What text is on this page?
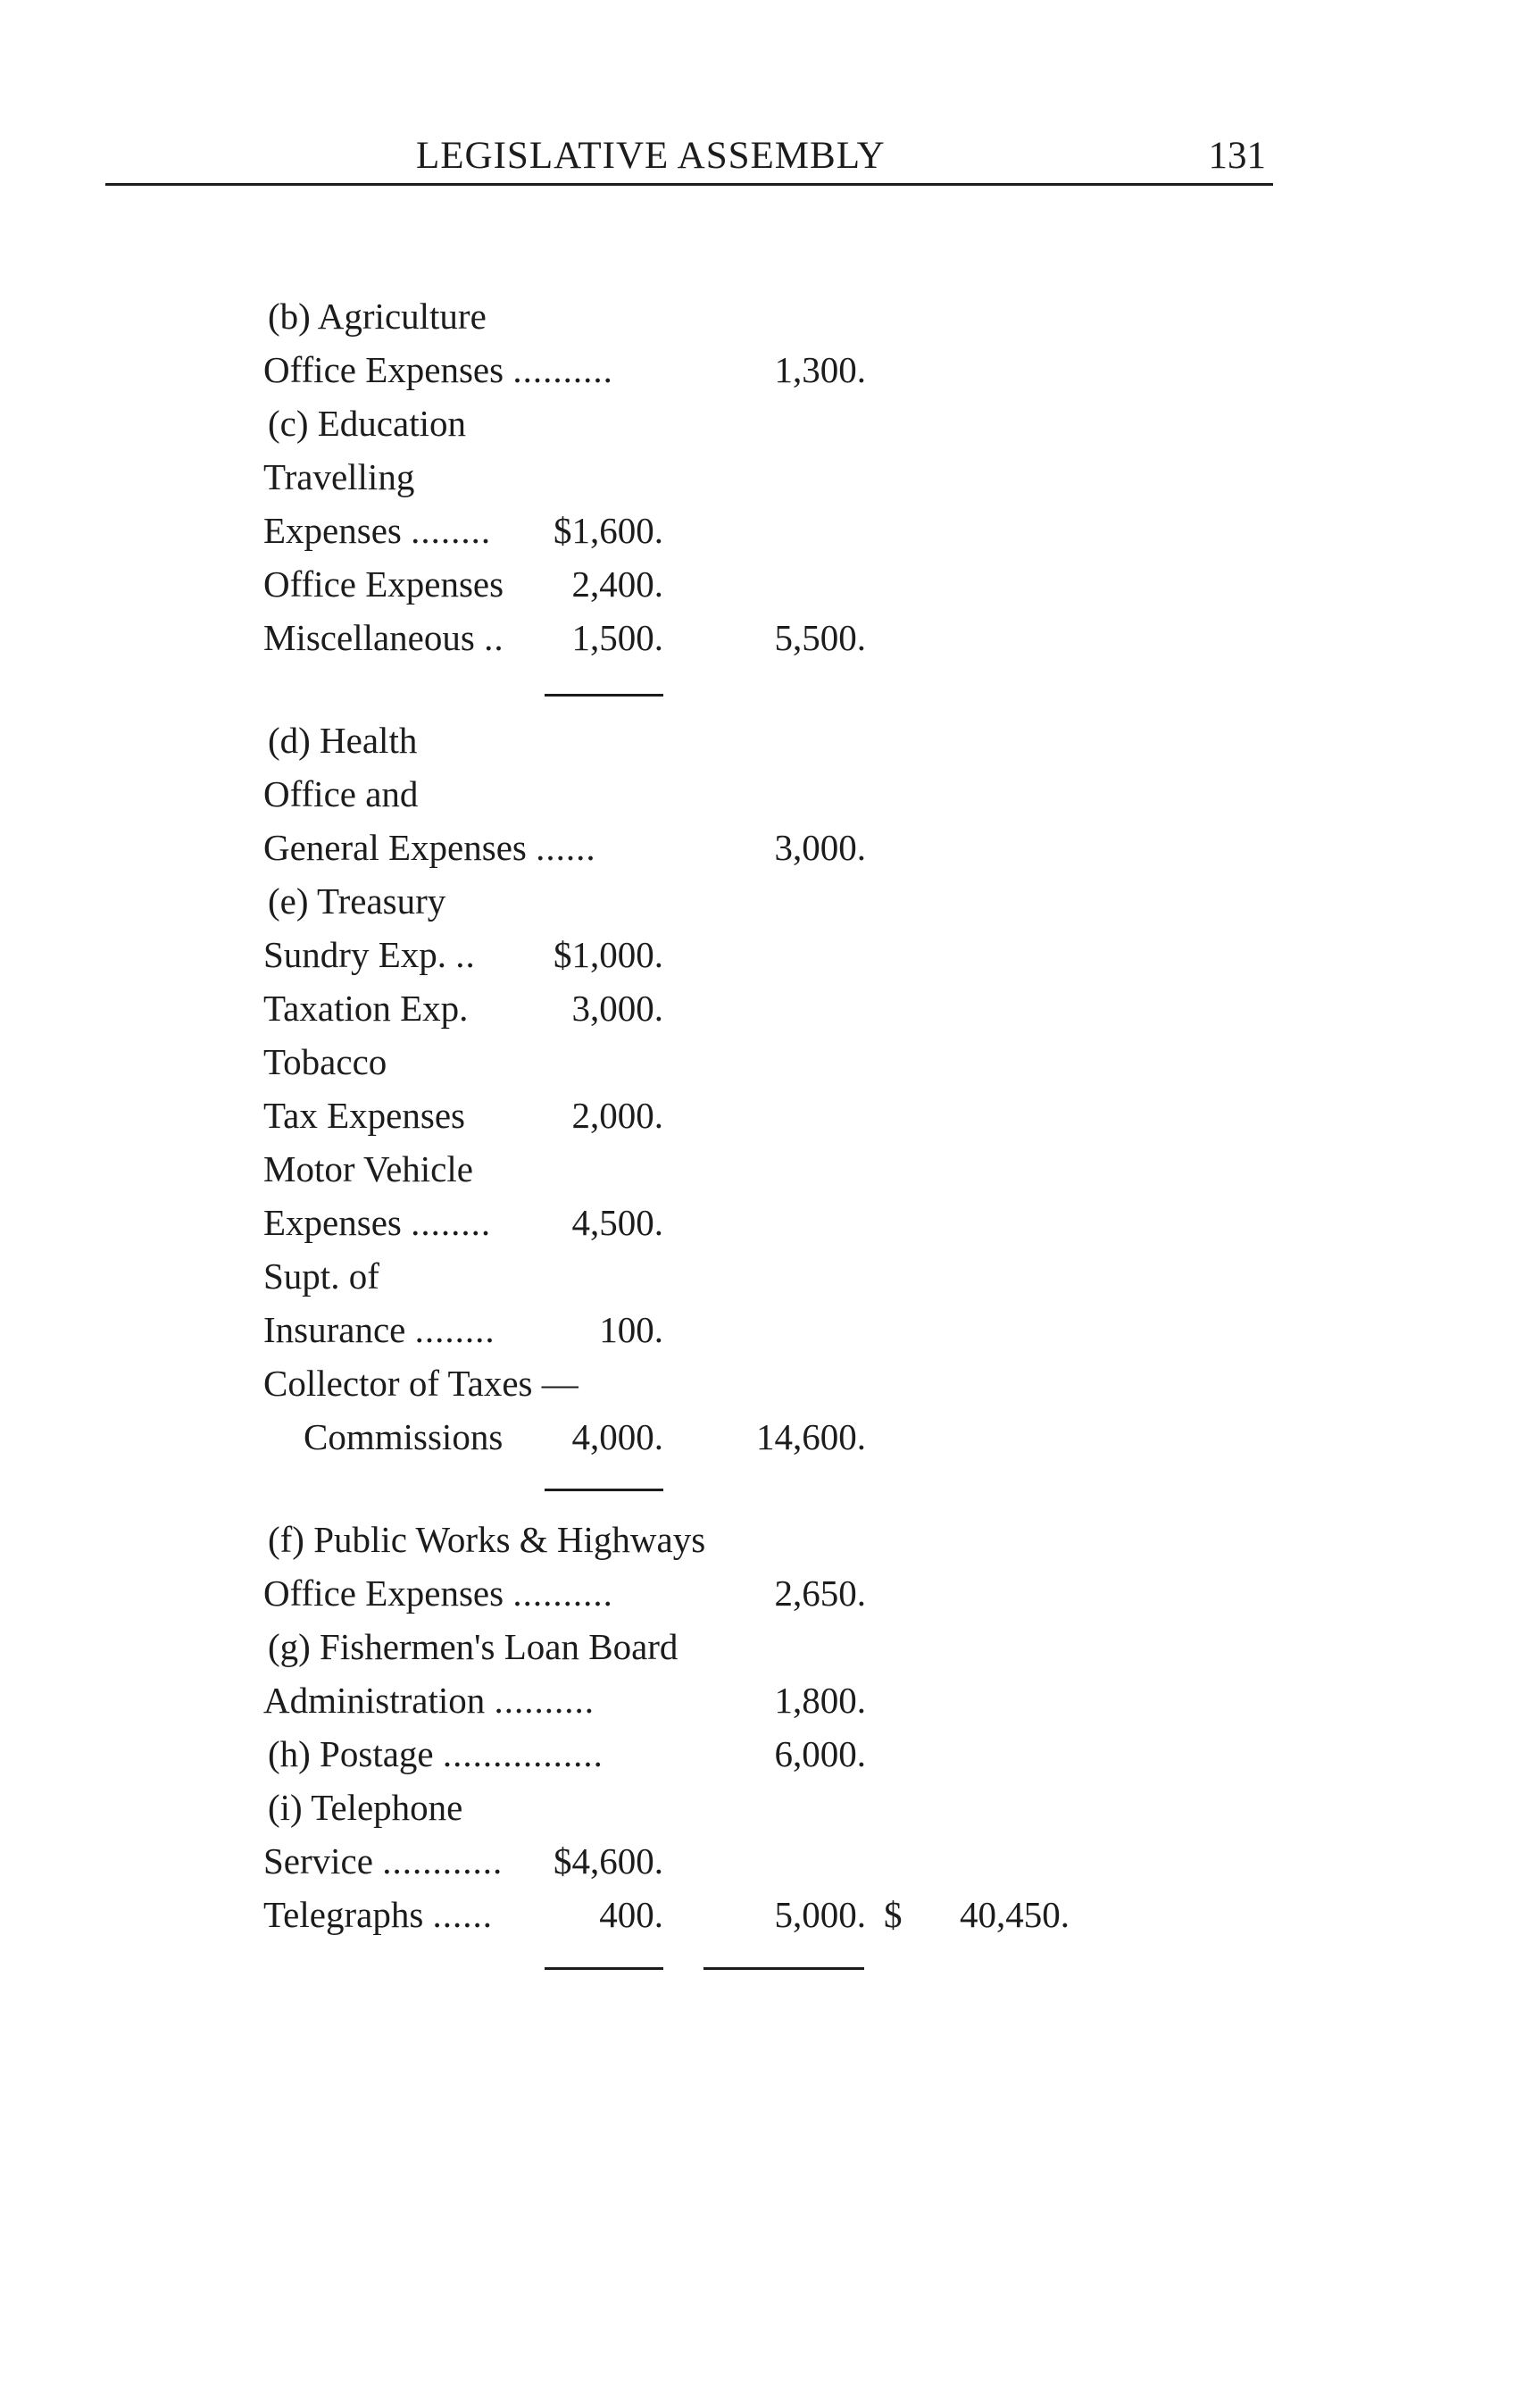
LEGISLATIVE ASSEMBLY	131
(b) Agriculture
Office Expenses ..........	1,300.
(c) Education
Travelling
Expenses ........ $1,600.
Office Expenses 2,400.
Miscellaneous .. 1,500.	5,500.
(d) Health
Office and
General Expenses ......	3,000.
(e) Treasury
Sundry Exp. .. $1,000.
Taxation Exp.	3,000.
Tobacco
Tax Expenses	2,000.
Motor Vehicle
Expenses ........ 4,500.
Supt. of
Insurance ........	100.
Collector of Taxes —
Commissions 4,000.	14,600.
(f) Public Works & Highways
Office Expenses ..........	2,650.
(g) Fishermen's Loan Board
Administration ..........	1,800.
(h) Postage ................	6,000.
(i) Telephone
Service ............ $4,600.
Telegraphs ......	400.	5,000. $ 40,450.
